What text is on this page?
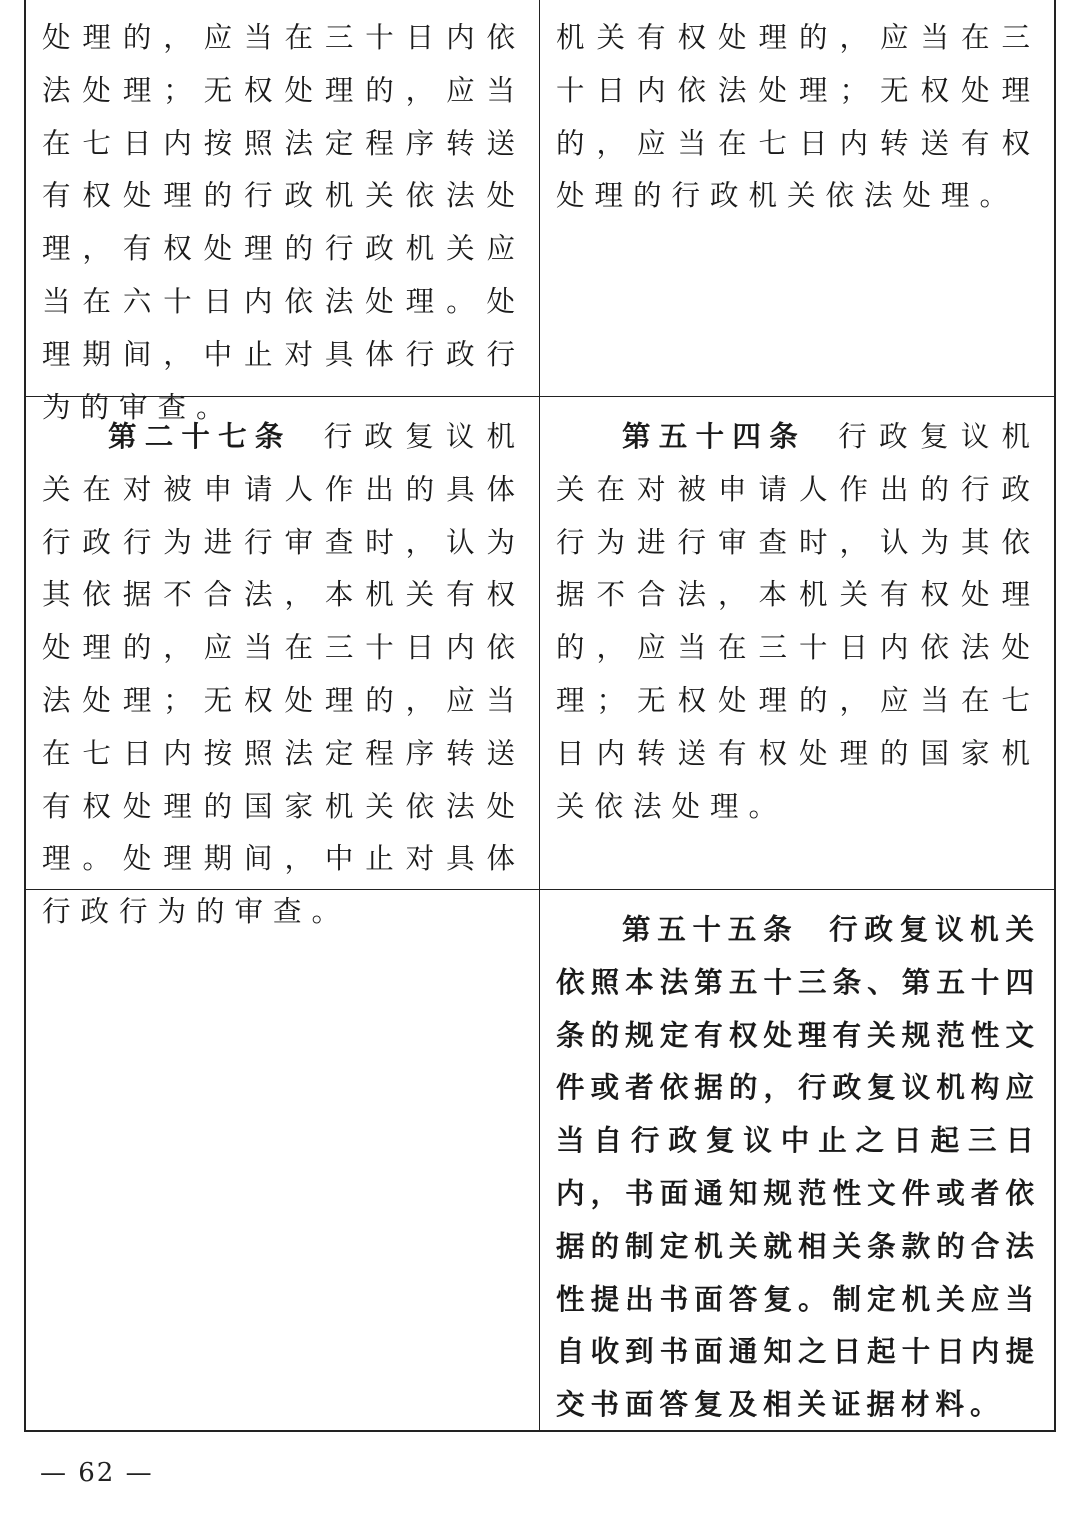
处理的，应当在三十日内依法处理；无权处理的，应当在七日内按照法定程序转送有权处理的行政机关依法处理，有权处理的行政机关应当在六十日内依法处理。处理期间，中止对具体行政行为的审查。
机关有权处理的，应当在三十日内依法处理；无权处理的，应当在七日内转送有权处理的行政机关依法处理。
第二十七条 行政复议机关在对被申请人作出的具体行政行为进行审查时，认为其依据不合法，本机关有权处理的，应当在三十日内依法处理；无权处理的，应当在七日内按照法定程序转送有权处理的国家机关依法处理。处理期间，中止对具体行政行为的审查。
第五十四条 行政复议机关在对被申请人作出的行政行为进行审查时，认为其依据不合法，本机关有权处理的，应当在三十日内依法处理；无权处理的，应当在七日内转送有权处理的国家机关依法处理。
第五十五条 行政复议机关依照本法第五十三条、第五十四条的规定有权处理有关规范性文件或者依据的，行政复议机构应当自行政复议中止之日起三日内，书面通知规范性文件或者依据的制定机关就相关条款的合法性提出书面答复。制定机关应当自收到书面通知之日起十日内提交书面答复及相关证据材料。
— 62 —
